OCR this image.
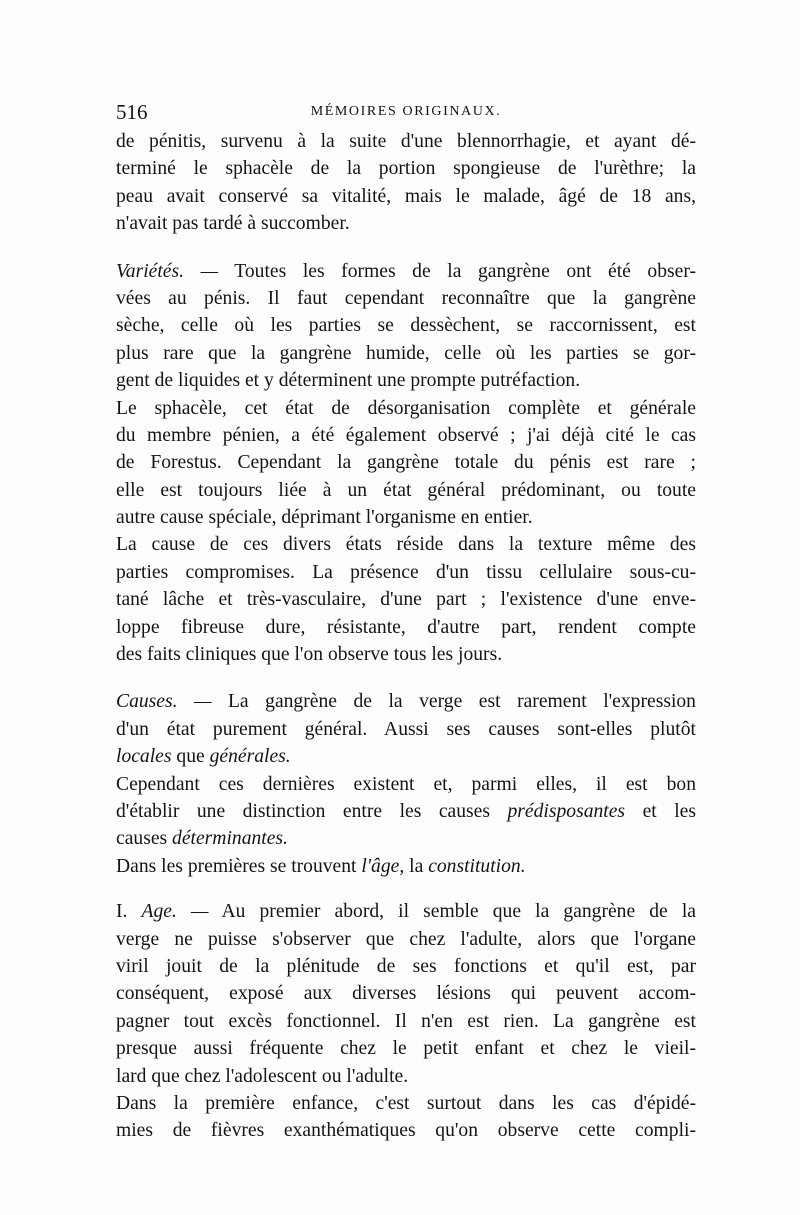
516	MÉMOIRES ORIGINAUX.
de pénitis, survenu à la suite d'une blennorrhagie, et ayant dé-
terminé le sphacèle de la portion spongieuse de l'urèthre; la
peau avait conservé sa vitalité, mais le malade, âgé de 18 ans,
n'avait pas tardé à succomber.
Variétés. — Toutes les formes de la gangrène ont été obser-
vées au pénis. Il faut cependant reconnaître que la gangrène
sèche, celle où les parties se dessèchent, se raccornissent, est
plus rare que la gangrène humide, celle où les parties se gor-
gent de liquides et y déterminent une prompte putréfaction.
Le sphacèle, cet état de désorganisation complète et générale
du membre pénien, a été également observé ; j'ai déjà cité le cas
de Forestus. Cependant la gangrène totale du pénis est rare ;
elle est toujours liée à un état général prédominant, ou toute
autre cause spéciale, déprimant l'organisme en entier.
La cause de ces divers états réside dans la texture même des
parties compromises. La présence d'un tissu cellulaire sous-cu-
tané lâche et très-vasculaire, d'une part ; l'existence d'une enve-
loppe fibreuse dure, résistante, d'autre part, rendent compte
des faits cliniques que l'on observe tous les jours.
Causes. — La gangrène de la verge est rarement l'expression
d'un état purement général. Aussi ses causes sont-elles plutôt
locales que générales.
Cependant ces dernières existent et, parmi elles, il est bon
d'établir une distinction entre les causes prédisposantes et les
causes déterminantes.
Dans les premières se trouvent l'âge, la constitution.
I. Age. — Au premier abord, il semble que la gangrène de la
verge ne puisse s'observer que chez l'adulte, alors que l'organe
viril jouit de la plénitude de ses fonctions et qu'il est, par
conséquent, exposé aux diverses lésions qui peuvent accom-
pagner tout excès fonctionnel. Il n'en est rien. La gangrène est
presque aussi fréquente chez le petit enfant et chez le vieil-
lard que chez l'adolescent ou l'adulte.
Dans la première enfance, c'est surtout dans les cas d'épidé-
mies de fièvres exanthématiques qu'on observe cette compli-
